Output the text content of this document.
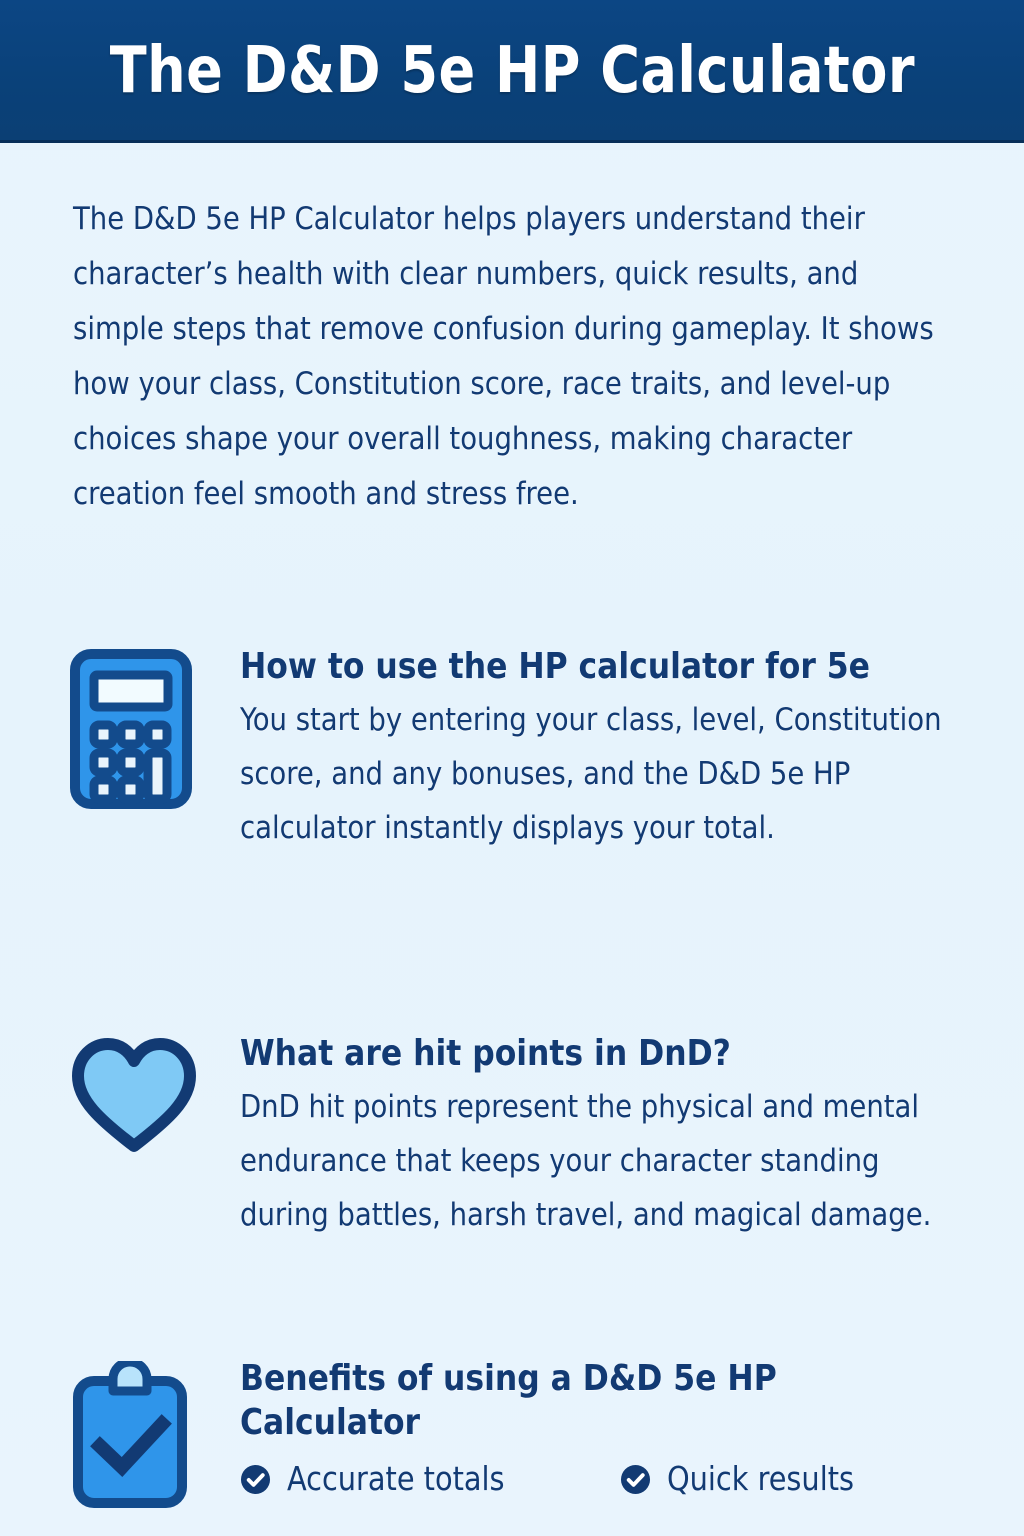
The D&D 5e HP Calculator
The D&D 5e HP Calculator helps players understand their character’s health with clear numbers, quick results, and simple steps that remove confusion during gameplay. It shows how your class, Constitution score, race traits, and level-up choices shape your overall toughness, making character creation feel smooth and stress free.
How to use the HP calculator for 5e
You start by entering your class, level, Constitution score, and any bonuses, and the D&D 5e HP calculator instantly displays your total.
What are hit points in DnD?
DnD hit points represent the physical and mental endurance that keeps your character standing during battles, harsh travel, and magical damage.
Benefits of using a D&D 5e HP Calculator
Accurate totals	Quick results
